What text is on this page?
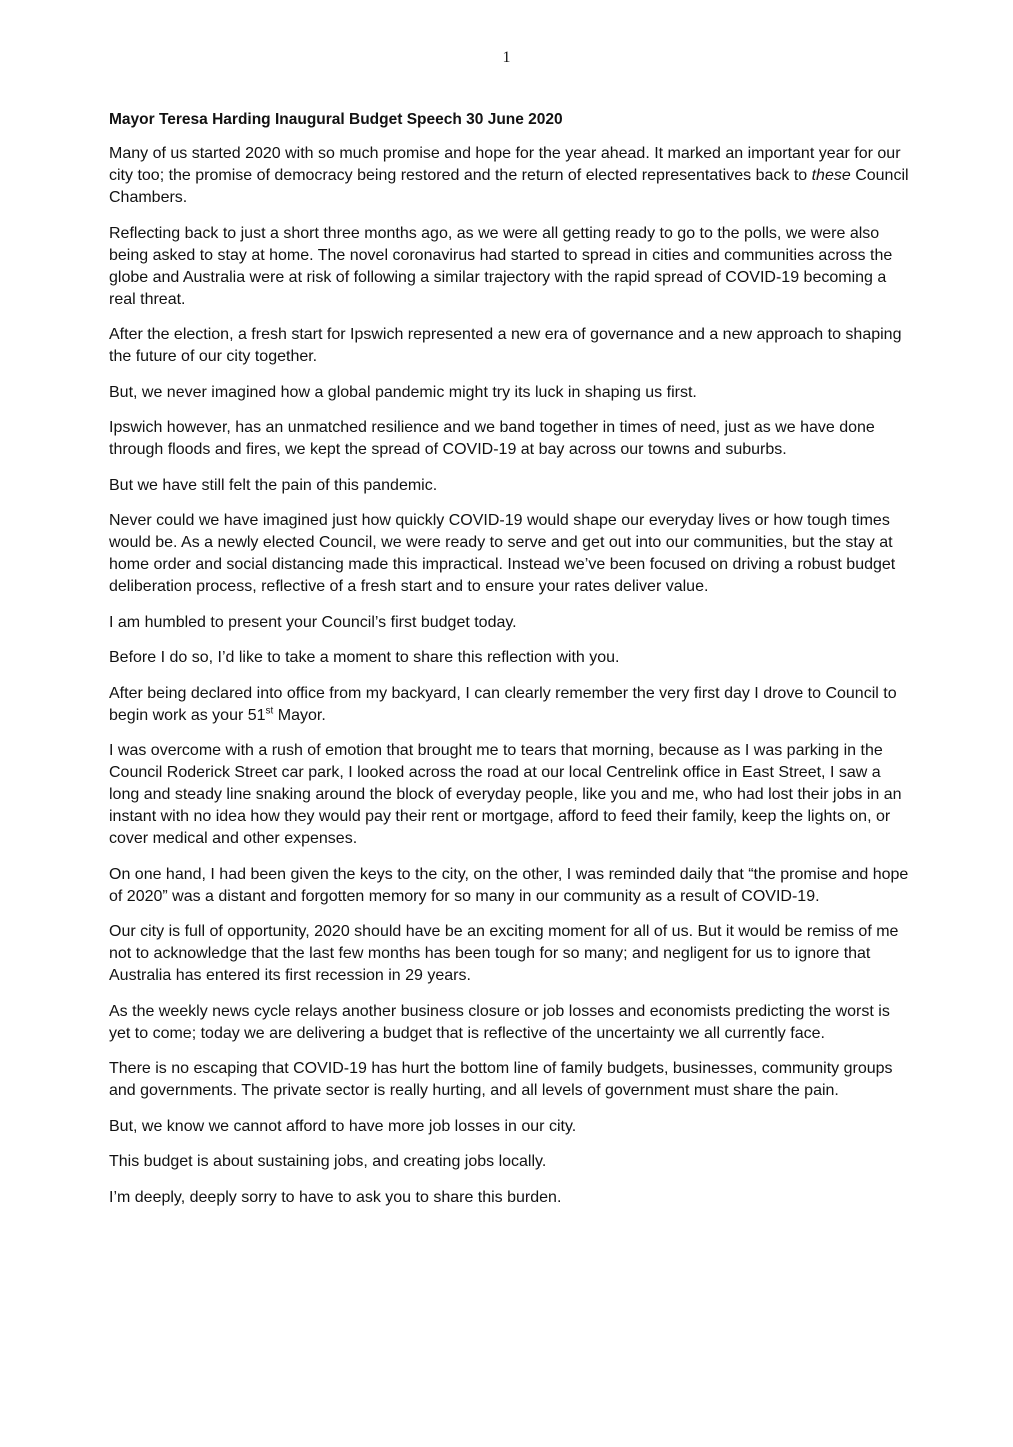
1
Mayor Teresa Harding Inaugural Budget Speech 30 June 2020

Many of us started 2020 with so much promise and hope for the year ahead. It marked an important year for our city too; the promise of democracy being restored and the return of elected representatives back to these Council Chambers.

Reflecting back to just a short three months ago, as we were all getting ready to go to the polls, we were also being asked to stay at home. The novel coronavirus had started to spread in cities and communities across the globe and Australia were at risk of following a similar trajectory with the rapid spread of COVID-19 becoming a real threat.

After the election, a fresh start for Ipswich represented a new era of governance and a new approach to shaping the future of our city together.

But, we never imagined how a global pandemic might try its luck in shaping us first.

Ipswich however, has an unmatched resilience and we band together in times of need, just as we have done through floods and fires, we kept the spread of COVID-19 at bay across our towns and suburbs.

But we have still felt the pain of this pandemic.

Never could we have imagined just how quickly COVID-19 would shape our everyday lives or how tough times would be. As a newly elected Council, we were ready to serve and get out into our communities, but the stay at home order and social distancing made this impractical. Instead we’ve been focused on driving a robust budget deliberation process, reflective of a fresh start and to ensure your rates deliver value.

I am humbled to present your Council’s first budget today.

Before I do so, I’d like to take a moment to share this reflection with you.

After being declared into office from my backyard, I can clearly remember the very first day I drove to Council to begin work as your 51st Mayor.

I was overcome with a rush of emotion that brought me to tears that morning, because as I was parking in the Council Roderick Street car park, I looked across the road at our local Centrelink office in East Street, I saw a long and steady line snaking around the block of everyday people, like you and me, who had lost their jobs in an instant with no idea how they would pay their rent or mortgage, afford to feed their family, keep the lights on, or cover medical and other expenses.

On one hand, I had been given the keys to the city, on the other, I was reminded daily that “the promise and hope of 2020” was a distant and forgotten memory for so many in our community as a result of COVID-19.

Our city is full of opportunity, 2020 should have be an exciting moment for all of us. But it would be remiss of me not to acknowledge that the last few months has been tough for so many; and negligent for us to ignore that Australia has entered its first recession in 29 years.

As the weekly news cycle relays another business closure or job losses and economists predicting the worst is yet to come; today we are delivering a budget that is reflective of the uncertainty we all currently face.

There is no escaping that COVID-19 has hurt the bottom line of family budgets, businesses, community groups and governments. The private sector is really hurting, and all levels of government must share the pain.

But, we know we cannot afford to have more job losses in our city.

This budget is about sustaining jobs, and creating jobs locally.

I’m deeply, deeply sorry to have to ask you to share this burden.
